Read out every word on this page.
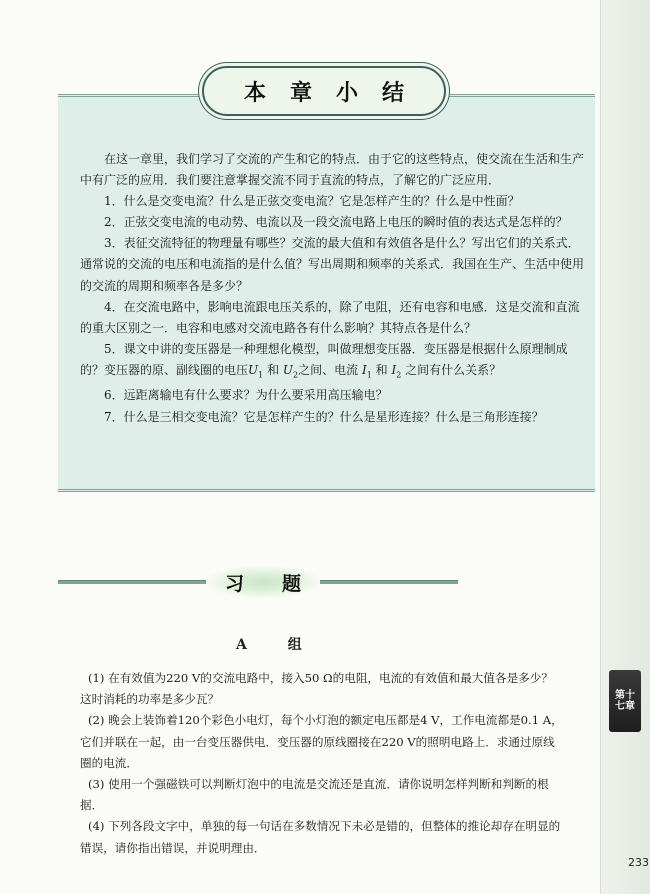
本章小结

在这一章里，我们学习了交流的产生和它的特点．由于它的这些特点，使交流在生活和生产中有广泛的应用．我们要注意掌握交流不同于直流的特点，了解它的广泛应用．

1．什么是交变电流？什么是正弦交变电流？它是怎样产生的？什么是中性面？

2．正弦交变电流的电动势、电流以及一段交流电路上电压的瞬时值的表达式是怎样的？

3．表征交流特征的物理量有哪些？交流的最大值和有效值各是什么？写出它们的关系式．通常说的交流的电压和电流指的是什么值？写出周期和频率的关系式．我国在生产、生活中使用的交流的周期和频率各是多少？

4．在交流电路中，影响电流跟电压关系的，除了电阻，还有电容和电感．这是交流和直流的重大区别之一．电容和电感对交流电路各有什么影响？其特点各是什么？

5．课文中讲的变压器是一种理想化模型，叫做理想变压器．变压器是根据什么原理制成的？变压器的原、副线圈的电压$U_1$ 和 $U_2$之间、电流 $I_1$ 和 $I_2$ 之间有什么关系？

6．远距离输电有什么要求？为什么要采用高压输电？

7．什么是三相交变电流？它是怎样产生的？什么是星形连接？什么是三角形连接？

习 题
A 组

(1) 在有效值为220 V的交流电路中，接入50 Ω的电阻，电流的有效值和最大值各是多少？这时消耗的功率是多少瓦？

(2) 晚会上装饰着120个彩色小电灯，每个小灯泡的额定电压都是4 V，工作电流都是0.1 A，它们并联在一起，由一台变压器供电．变压器的原线圈接在220 V的照明电路上．求通过原线圈的电流．

(3) 使用一个强磁铁可以判断灯泡中的电流是交流还是直流．请你说明怎样判断和判断的根据．

(4) 下列各段文字中，单独的每一句话在多数情况下未必是错的，但整体的推论却存在明显的错误，请你指出错误，并说明理由．

第十七章
233
